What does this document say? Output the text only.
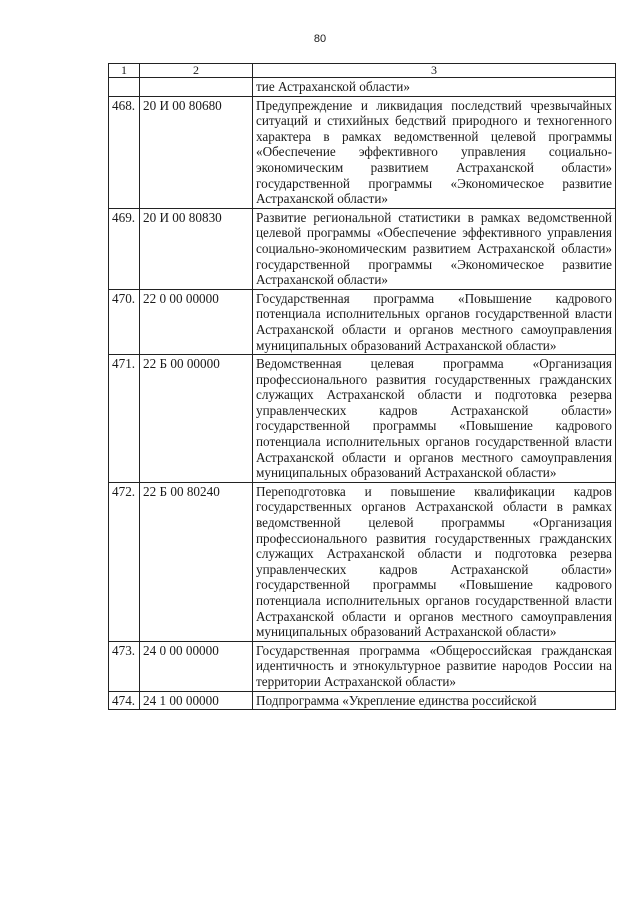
80
1	2	3
		тие Астраханской области»
468.	20 И 00 80680	Предупреждение и ликвидация последствий чрезвычайных ситуаций и стихийных бедствий природного и техногенного характера в рамках ведомственной целевой программы «Обеспечение эффективного управления социально-экономическим развитием Астраханской области» государственной программы «Экономическое развитие Астраханской области»
469.	20 И 00 80830	Развитие региональной статистики в рамках ведомственной целевой программы «Обеспечение эффективного управления социально-экономическим развитием Астраханской области» государственной программы «Экономическое развитие Астраханской области»
470.	22 0 00 00000	Государственная программа «Повышение кадрового потенциала исполнительных органов государственной власти Астраханской области и органов местного самоуправления муниципальных образований Астраханской области»
471.	22 Б 00 00000	Ведомственная целевая программа «Организация профессионального развития государственных гражданских служащих Астраханской области и подготовка резерва управленческих кадров Астраханской области» государственной программы «Повышение кадрового потенциала исполнительных органов государственной власти Астраханской области и органов местного самоуправления муниципальных образований Астраханской области»
472.	22 Б 00 80240	Переподготовка и повышение квалификации кадров государственных органов Астраханской области в рамках ведомственной целевой программы «Организация профессионального развития государственных гражданских служащих Астраханской области и подготовка резерва управленческих кадров Астраханской области» государственной программы «Повышение кадрового потенциала исполнительных органов государственной власти Астраханской области и органов местного самоуправления муниципальных образований Астраханской области»
473.	24 0 00 00000	Государственная программа «Общероссийская гражданская идентичность и этнокультурное развитие народов России на территории Астраханской области»
474.	24 1 00 00000	Подпрограмма «Укрепление единства российской
